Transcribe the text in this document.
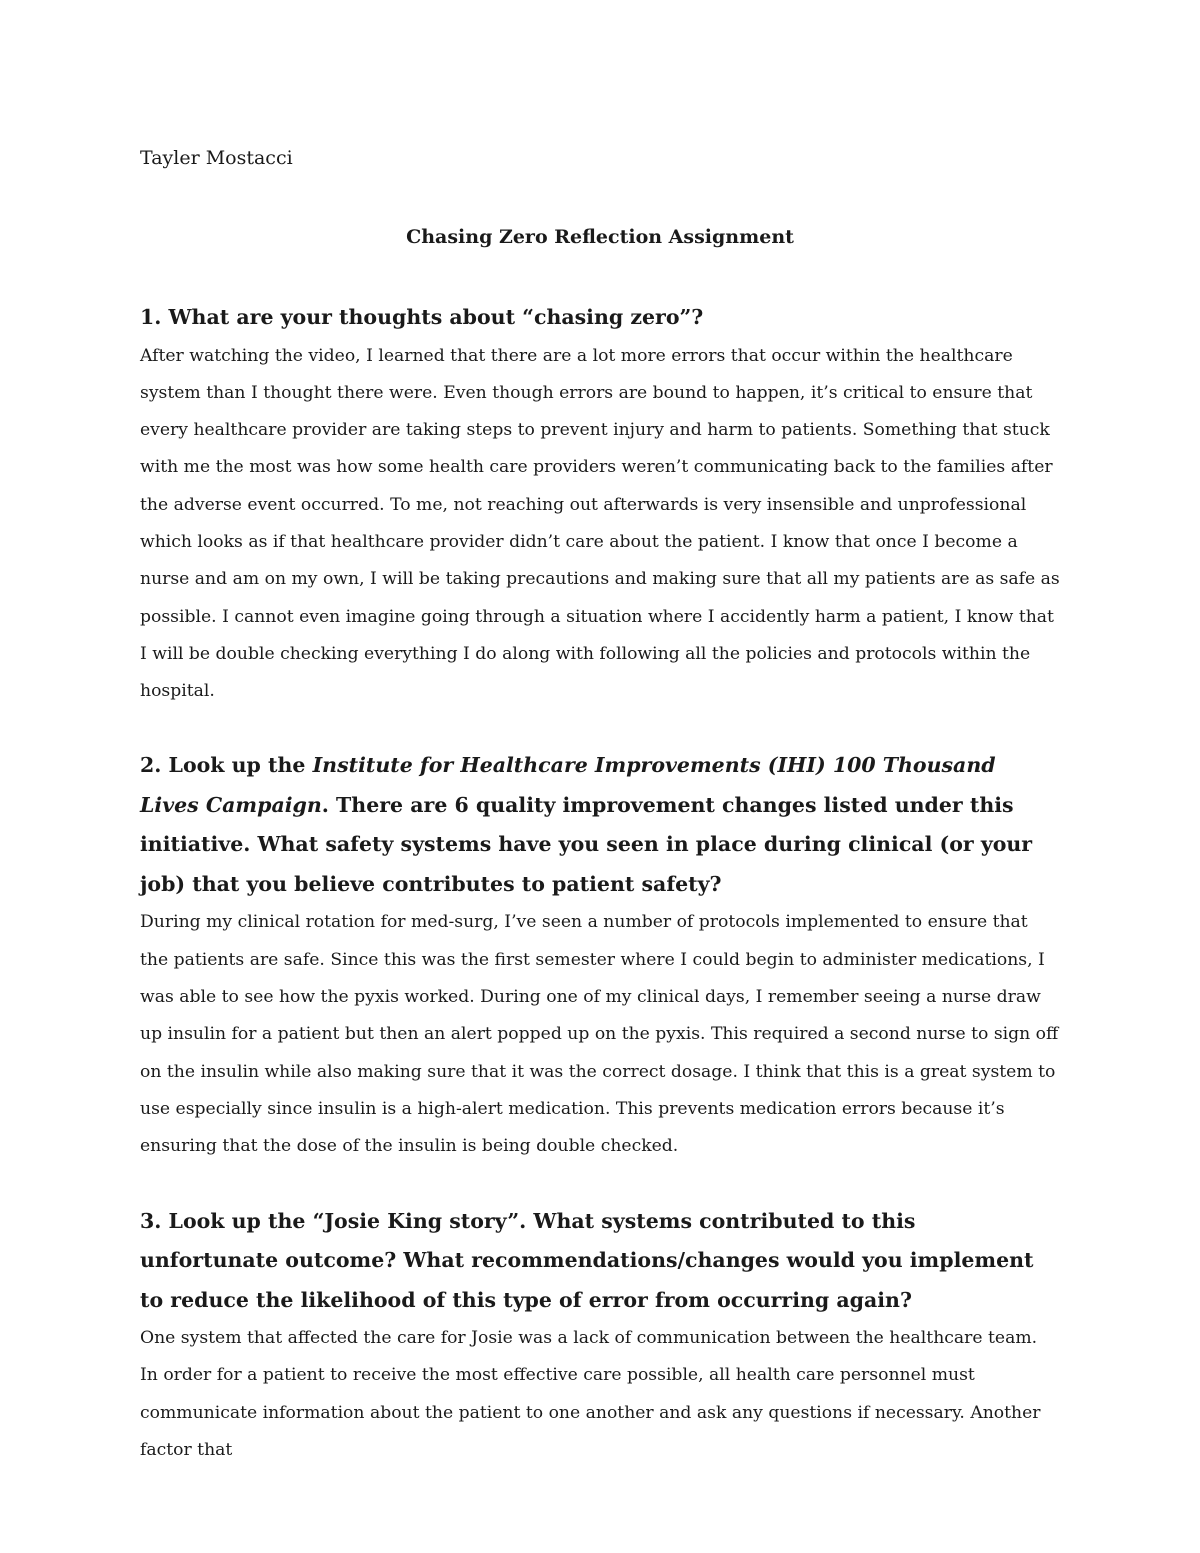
Tayler Mostacci

Chasing Zero Reflection Assignment

1. What are your thoughts about “chasing zero”?

After watching the video, I learned that there are a lot more errors that occur within the healthcare system than I thought there were. Even though errors are bound to happen, it’s critical to ensure that every healthcare provider are taking steps to prevent injury and harm to patients. Something that stuck with me the most was how some health care providers weren’t communicating back to the families after the adverse event occurred. To me, not reaching out afterwards is very insensible and unprofessional which looks as if that healthcare provider didn’t care about the patient. I know that once I become a nurse and am on my own, I will be taking precautions and making sure that all my patients are as safe as possible. I cannot even imagine going through a situation where I accidently harm a patient, I know that I will be double checking everything I do along with following all the policies and protocols within the hospital.

2. Look up the Institute for Healthcare Improvements (IHI) 100 Thousand Lives Campaign. There are 6 quality improvement changes listed under this initiative. What safety systems have you seen in place during clinical (or your job) that you believe contributes to patient safety?

During my clinical rotation for med-surg, I’ve seen a number of protocols implemented to ensure that the patients are safe. Since this was the first semester where I could begin to administer medications, I was able to see how the pyxis worked. During one of my clinical days, I remember seeing a nurse draw up insulin for a patient but then an alert popped up on the pyxis. This required a second nurse to sign off on the insulin while also making sure that it was the correct dosage. I think that this is a great system to use especially since insulin is a high-alert medication. This prevents medication errors because it’s ensuring that the dose of the insulin is being double checked.

3. Look up the “Josie King story”. What systems contributed to this unfortunate outcome? What recommendations/changes would you implement to reduce the likelihood of this type of error from occurring again?

One system that affected the care for Josie was a lack of communication between the healthcare team. In order for a patient to receive the most effective care possible, all health care personnel must communicate information about the patient to one another and ask any questions if necessary. Another factor that
